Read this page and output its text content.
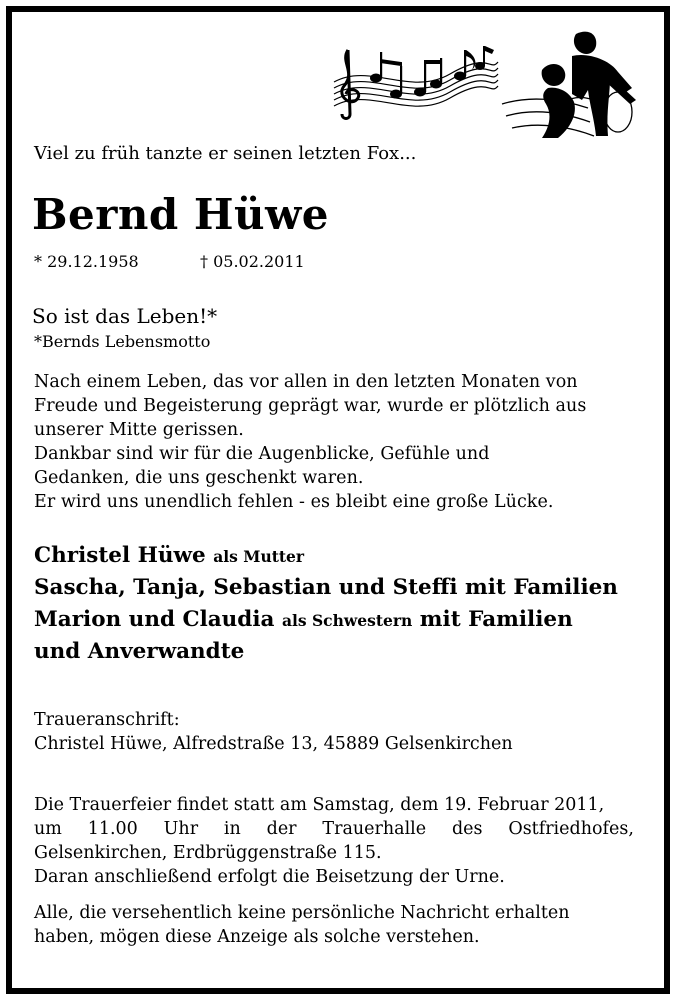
Viel zu früh tanzte er seinen letzten Fox...
Bernd Hüwe
* 29.12.1958	† 05.02.2011
So ist das Leben!*
*Bernds Lebensmotto
Nach einem Leben, das vor allen in den letzten Monaten von
Freude und Begeisterung geprägt war, wurde er plötzlich aus
unserer Mitte gerissen.
Dankbar sind wir für die Augenblicke, Gefühle und
Gedanken, die uns geschenkt waren.
Er wird uns unendlich fehlen - es bleibt eine große Lücke.
Christel Hüwe als Mutter
Sascha, Tanja, Sebastian und Steffi mit Familien
Marion und Claudia als Schwestern mit Familien
und Anverwandte
Traueranschrift:
Christel Hüwe, Alfredstraße 13, 45889 Gelsenkirchen
Die Trauerfeier findet statt am Samstag, dem 19. Februar 2011,
um 11.00 Uhr in der Trauerhalle des Ostfriedhofes,
Gelsenkirchen, Erdbrüggenstraße 115.
Daran anschließend erfolgt die Beisetzung der Urne.
Alle, die versehentlich keine persönliche Nachricht erhalten
haben, mögen diese Anzeige als solche verstehen.
